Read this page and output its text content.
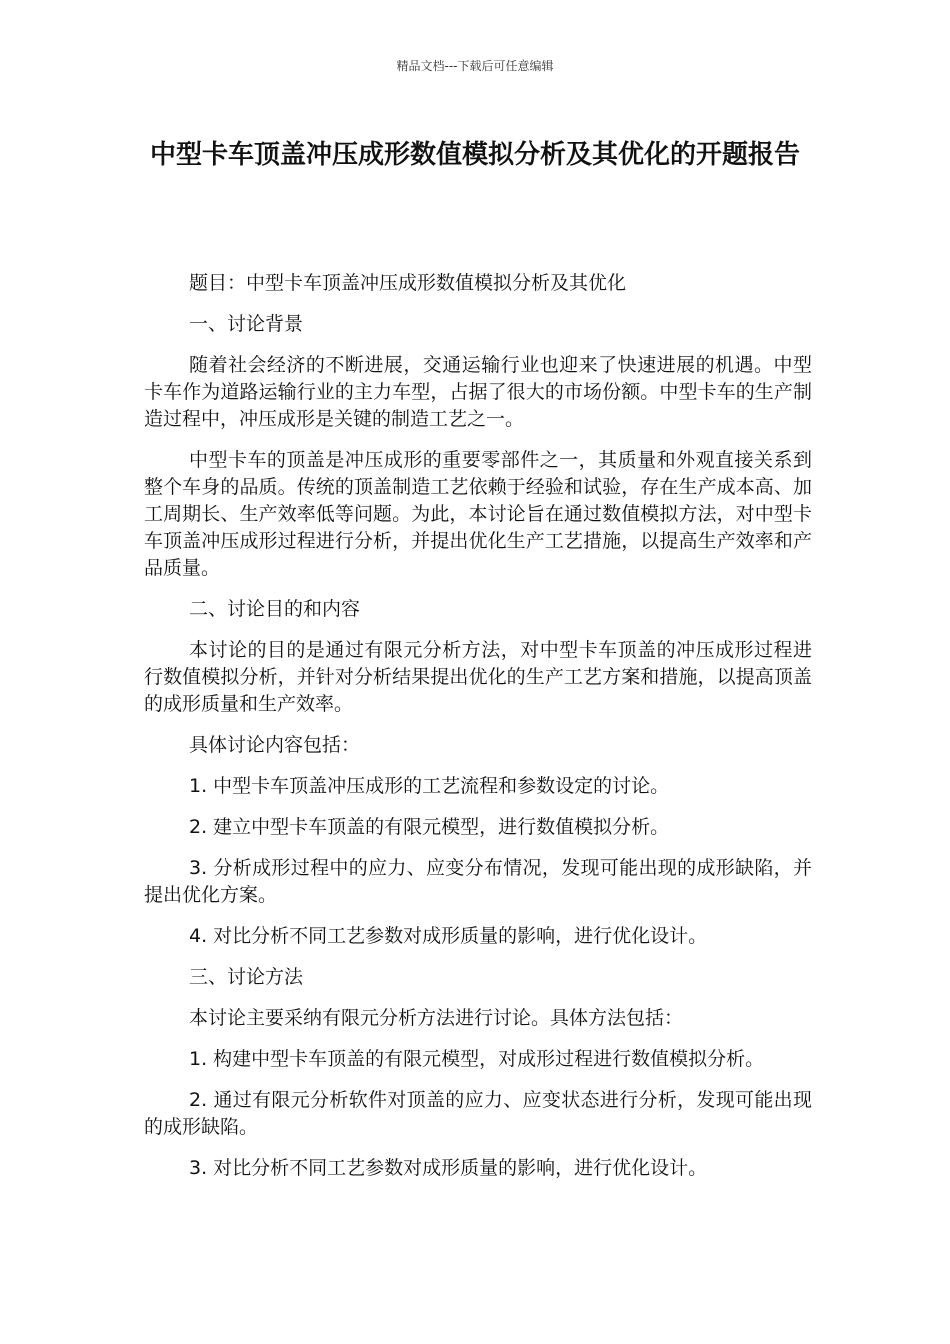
精品文档---下载后可任意编辑
中型卡车顶盖冲压成形数值模拟分析及其优化的开题报告

题目：中型卡车顶盖冲压成形数值模拟分析及其优化

一、讨论背景

随着社会经济的不断进展，交通运输行业也迎来了快速进展的机遇。中型卡车作为道路运输行业的主力车型，占据了很大的市场份额。中型卡车的生产制造过程中，冲压成形是关键的制造工艺之一。

中型卡车的顶盖是冲压成形的重要零部件之一，其质量和外观直接关系到整个车身的品质。传统的顶盖制造工艺依赖于经验和试验，存在生产成本高、加工周期长、生产效率低等问题。为此，本讨论旨在通过数值模拟方法，对中型卡车顶盖冲压成形过程进行分析，并提出优化生产工艺措施，以提高生产效率和产品质量。

二、讨论目的和内容

本讨论的目的是通过有限元分析方法，对中型卡车顶盖的冲压成形过程进行数值模拟分析，并针对分析结果提出优化的生产工艺方案和措施，以提高顶盖的成形质量和生产效率。

具体讨论内容包括：

1. 中型卡车顶盖冲压成形的工艺流程和参数设定的讨论。

2. 建立中型卡车顶盖的有限元模型，进行数值模拟分析。

3. 分析成形过程中的应力、应变分布情况，发现可能出现的成形缺陷，并提出优化方案。

4. 对比分析不同工艺参数对成形质量的影响，进行优化设计。

三、讨论方法

本讨论主要采纳有限元分析方法进行讨论。具体方法包括：

1. 构建中型卡车顶盖的有限元模型，对成形过程进行数值模拟分析。

2. 通过有限元分析软件对顶盖的应力、应变状态进行分析，发现可能出现的成形缺陷。

3. 对比分析不同工艺参数对成形质量的影响，进行优化设计。
